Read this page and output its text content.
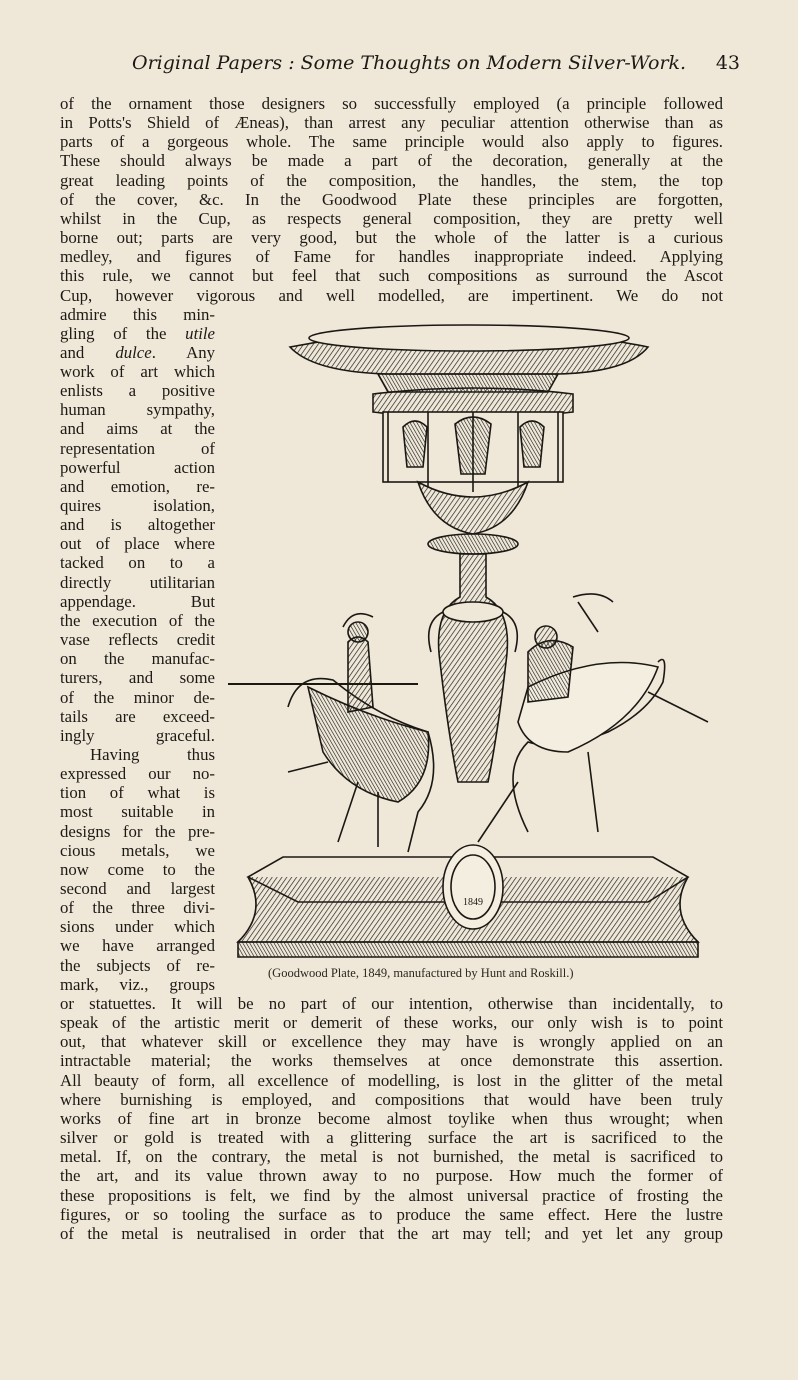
Original Papers : Some Thoughts on Modern Silver-Work. 43
of the ornament those designers so successfully employed (a principle followed
in Potts's Shield of Æneas), than arrest any peculiar attention otherwise than as
parts of a gorgeous whole. The same principle would also apply to figures.
These should always be made a part of the decoration, generally at the
great leading points of the composition, the handles, the stem, the top
of the cover, &c. In the Goodwood Plate these principles are forgotten,
whilst in the Cup, as respects general composition, they are pretty well
borne out; parts are very good, but the whole of the latter is a curious
medley, and figures of Fame for handles inappropriate indeed. Applying
this rule, we cannot but feel that such compositions as surround the Ascot
Cup, however vigorous and well modelled, are impertinent. We do not
admire this min-
gling of the utile
and dulce. Any
work of art which
enlists a positive
human sympathy,
and aims at the
representation of
powerful action
and emotion, re-
quires isolation,
and is altogether
out of place where
tacked on to a
directly utilitarian
appendage. But
the execution of the
vase reflects credit
on the manufac-
turers, and some
of the minor de-
tails are exceed-
ingly graceful.
Having thus
expressed our no-
tion of what is
most suitable in
designs for the pre-
cious metals, we
now come to the
second and largest
of the three divi-
sions under which
we have arranged
the subjects of re-
mark, viz., groups
or statuettes. It will be no part of our intention, otherwise than incidentally, to
speak of the artistic merit or demerit of these works, our only wish is to point
out, that whatever skill or excellence they may have is wrongly applied on an
intractable material; the works themselves at once demonstrate this assertion.
All beauty of form, all excellence of modelling, is lost in the glitter of the metal
where burnishing is employed, and compositions that would have been truly
works of fine art in bronze become almost toylike when thus wrought; when
silver or gold is treated with a glittering surface the art is sacrificed to the
metal. If, on the contrary, the metal is not burnished, the metal is sacrificed to
the art, and its value thrown away to no purpose. How much the former of
these propositions is felt, we find by the almost universal practice of frosting the
figures, or so tooling the surface as to produce the same effect. Here the lustre
of the metal is neutralised in order that the art may tell; and yet let any group
1849
(Goodwood Plate, 1849, manufactured by Hunt and Roskill.)
